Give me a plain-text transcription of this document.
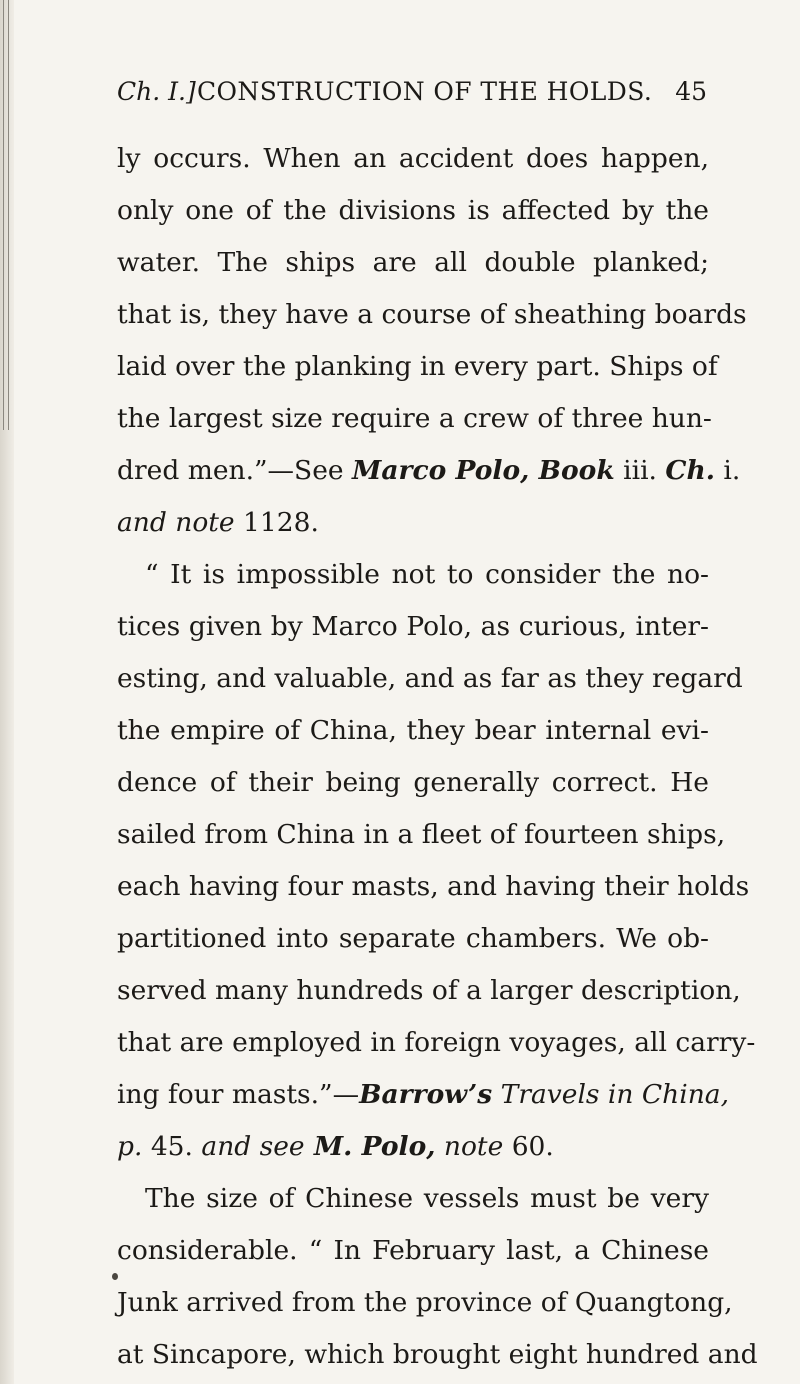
Ch. I.] CONSTRUCTION OF THE HOLDS. 45
ly occurs. When an accident does happen,
only one of the divisions is affected by the
water. The ships are all double planked;
that is, they have a course of sheathing boards
laid over the planking in every part. Ships of
the largest size require a crew of three hun-
dred men.”—See Marco Polo, Book iii. Ch. i.
and note 1128.
“ It is impossible not to consider the no-
tices given by Marco Polo, as curious, inter-
esting, and valuable, and as far as they regard
the empire of China, they bear internal evi-
dence of their being generally correct. He
sailed from China in a fleet of fourteen ships,
each having four masts, and having their holds
partitioned into separate chambers. We ob-
served many hundreds of a larger description,
that are employed in foreign voyages, all carry-
ing four masts.”—Barrow’s Travels in China,
p. 45. and see M. Polo, note 60.
The size of Chinese vessels must be very
considerable. “ In February last, a Chinese
Junk arrived from the province of Quangtong,
at Sincapore, which brought eight hundred and
